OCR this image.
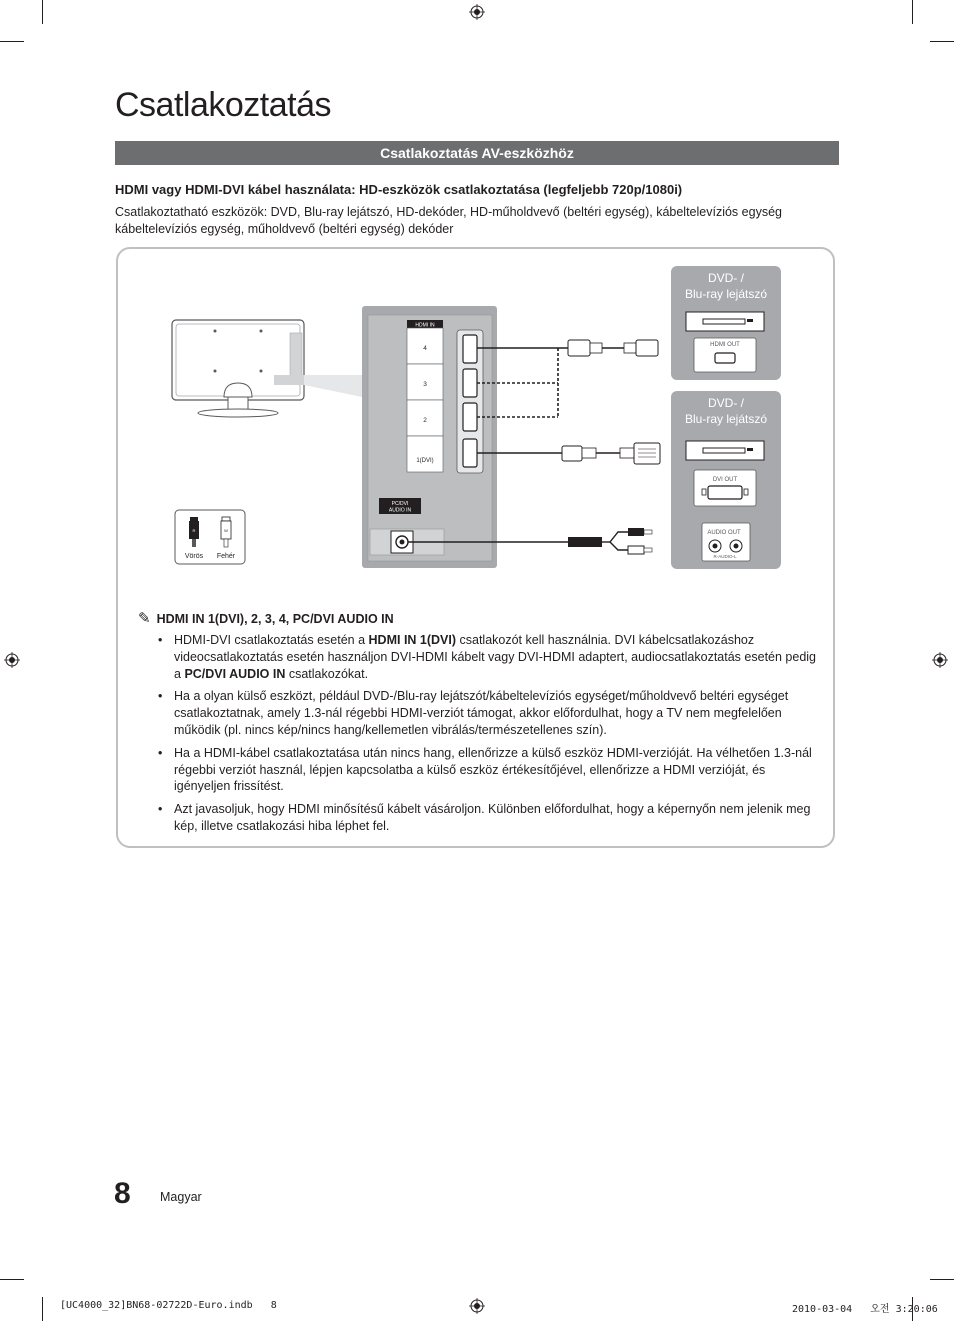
Csatlakoztatás
Csatlakoztatás AV-eszközhöz
HDMI vagy HDMI-DVI kábel használata: HD-eszközök csatlakoztatása (legfeljebb 720p/1080i)
Csatlakoztatható eszközök: DVD, Blu-ray lejátszó, HD-dekóder, HD-műholdvevő (beltéri egység), kábeltelevíziós egység kábeltelevíziós egység, műholdvevő (beltéri egység) dekóder
HDMI IN
4
3
2
1(DVI)
PC/DVI
AUDIO IN
DVD- /
Blu-ray lejátszó
HDMI OUT
DVD- /
Blu-ray lejátszó
DVI OUT
AUDIO OUT
R-AUDIO-L
R	W
Vörös Fehér
✎ HDMI IN 1(DVI), 2, 3, 4, PC/DVI AUDIO IN
• HDMI-DVI csatlakoztatás esetén a HDMI IN 1(DVI) csatlakozót kell használnia. DVI kábelcsatlakozáshoz videocsatlakoztatás esetén használjon DVI-HDMI kábelt vagy DVI-HDMI adaptert, audiocsatlakoztatás esetén pedig a PC/DVI AUDIO IN csatlakozókat.
• Ha a olyan külső eszközt, például DVD-/Blu-ray lejátszót/kábeltelevíziós egységet/műholdvevő beltéri egységet csatlakoztatnak, amely 1.3-nál régebbi HDMI-verziót támogat, akkor előfordulhat, hogy a TV nem megfelelően működik (pl. nincs kép/nincs hang/kellemetlen vibrálás/természetellenes szín).
• Ha a HDMI-kábel csatlakoztatása után nincs hang, ellenőrizze a külső eszköz HDMI-verzióját. Ha vélhetően 1.3-nál régebbi verziót használ, lépjen kapcsolatba a külső eszköz értékesítőjével, ellenőrizze a HDMI verzióját, és igényeljen frissítést.
• Azt javasoljuk, hogy HDMI minősítésű kábelt vásároljon. Különben előfordulhat, hogy a képernyőn nem jelenik meg kép, illetve csatlakozási hiba léphet fel.
8 Magyar
[UC4000_32]BN68-02722D-Euro.indb   8	2010-03-04   오전 3:20:06
